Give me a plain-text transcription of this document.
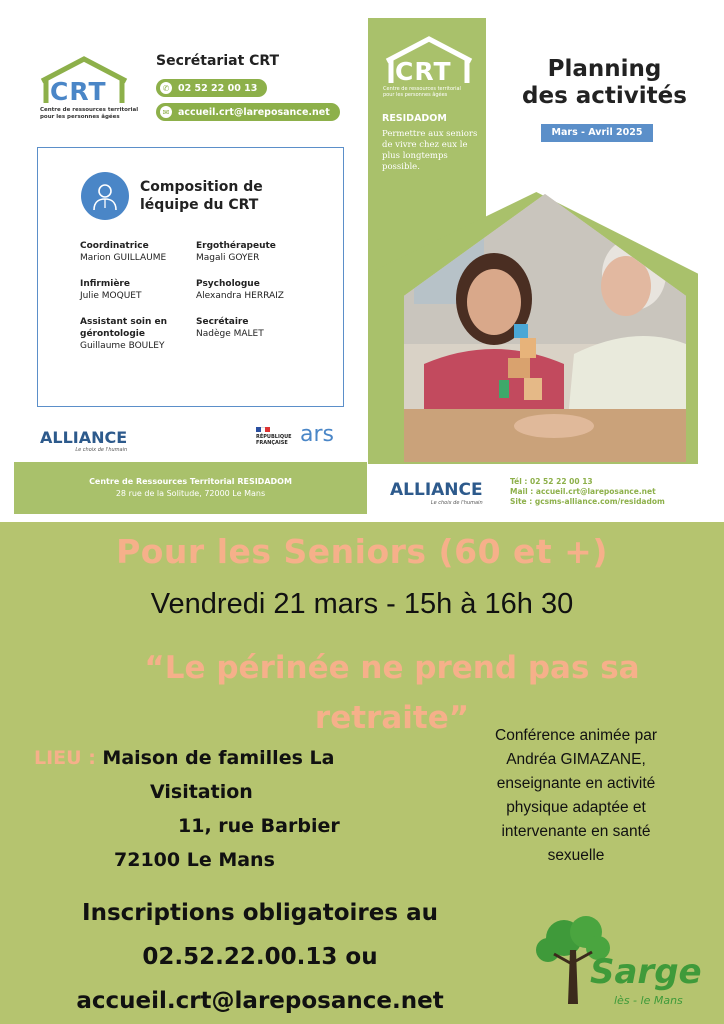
CRT
Centre de ressources territorial
pour les personnes âgées
Secrétariat CRT
✆ 02 52 22 00 13
✉ accueil.crt@lareposance.net
Composition de
léquipe du CRT
Coordinatrice
Marion GUILLAUME
Ergothérapeute
Magali GOYER
Infirmière
Julie MOQUET
Psychologue
Alexandra HERRAIZ
Assistant soin en
gérontologie
Guillaume BOULEY
Secrétaire
Nadège MALET
ALLIANCE
Le choix de l'humain
RÉPUBLIQUE FRANÇAISE ars
Centre de Ressources Territorial RESIDADOM
28 rue de la Solitude, 72000 Le Mans
CRT
Centre de ressources territorial
pour les personnes âgées
RESIDADOM
Permettre aux seniors de vivre chez eux le plus longtemps possible.
Planning
des activités
Mars - Avril 2025
ALLIANCE
Le choix de l'humain
Tél : 02 52 22 00 13
Mail : accueil.crt@lareposance.net
Site : gcsms-alliance.com/residadom
Pour les Seniors (60 et +)
Vendredi 21 mars - 15h à 16h 30
“Le périnée ne prend pas sa retraite”
LIEU : Maison de familles La
Visitation
11, rue Barbier
72100 Le Mans
Conférence animée par
Andréa GIMAZANE,
enseignante en activité
physique adaptée et
intervenante en santé
sexuelle
Inscriptions obligatoires au
02.52.22.00.13 ou
accueil.crt@lareposance.net
Sarge
lès - le Mans
